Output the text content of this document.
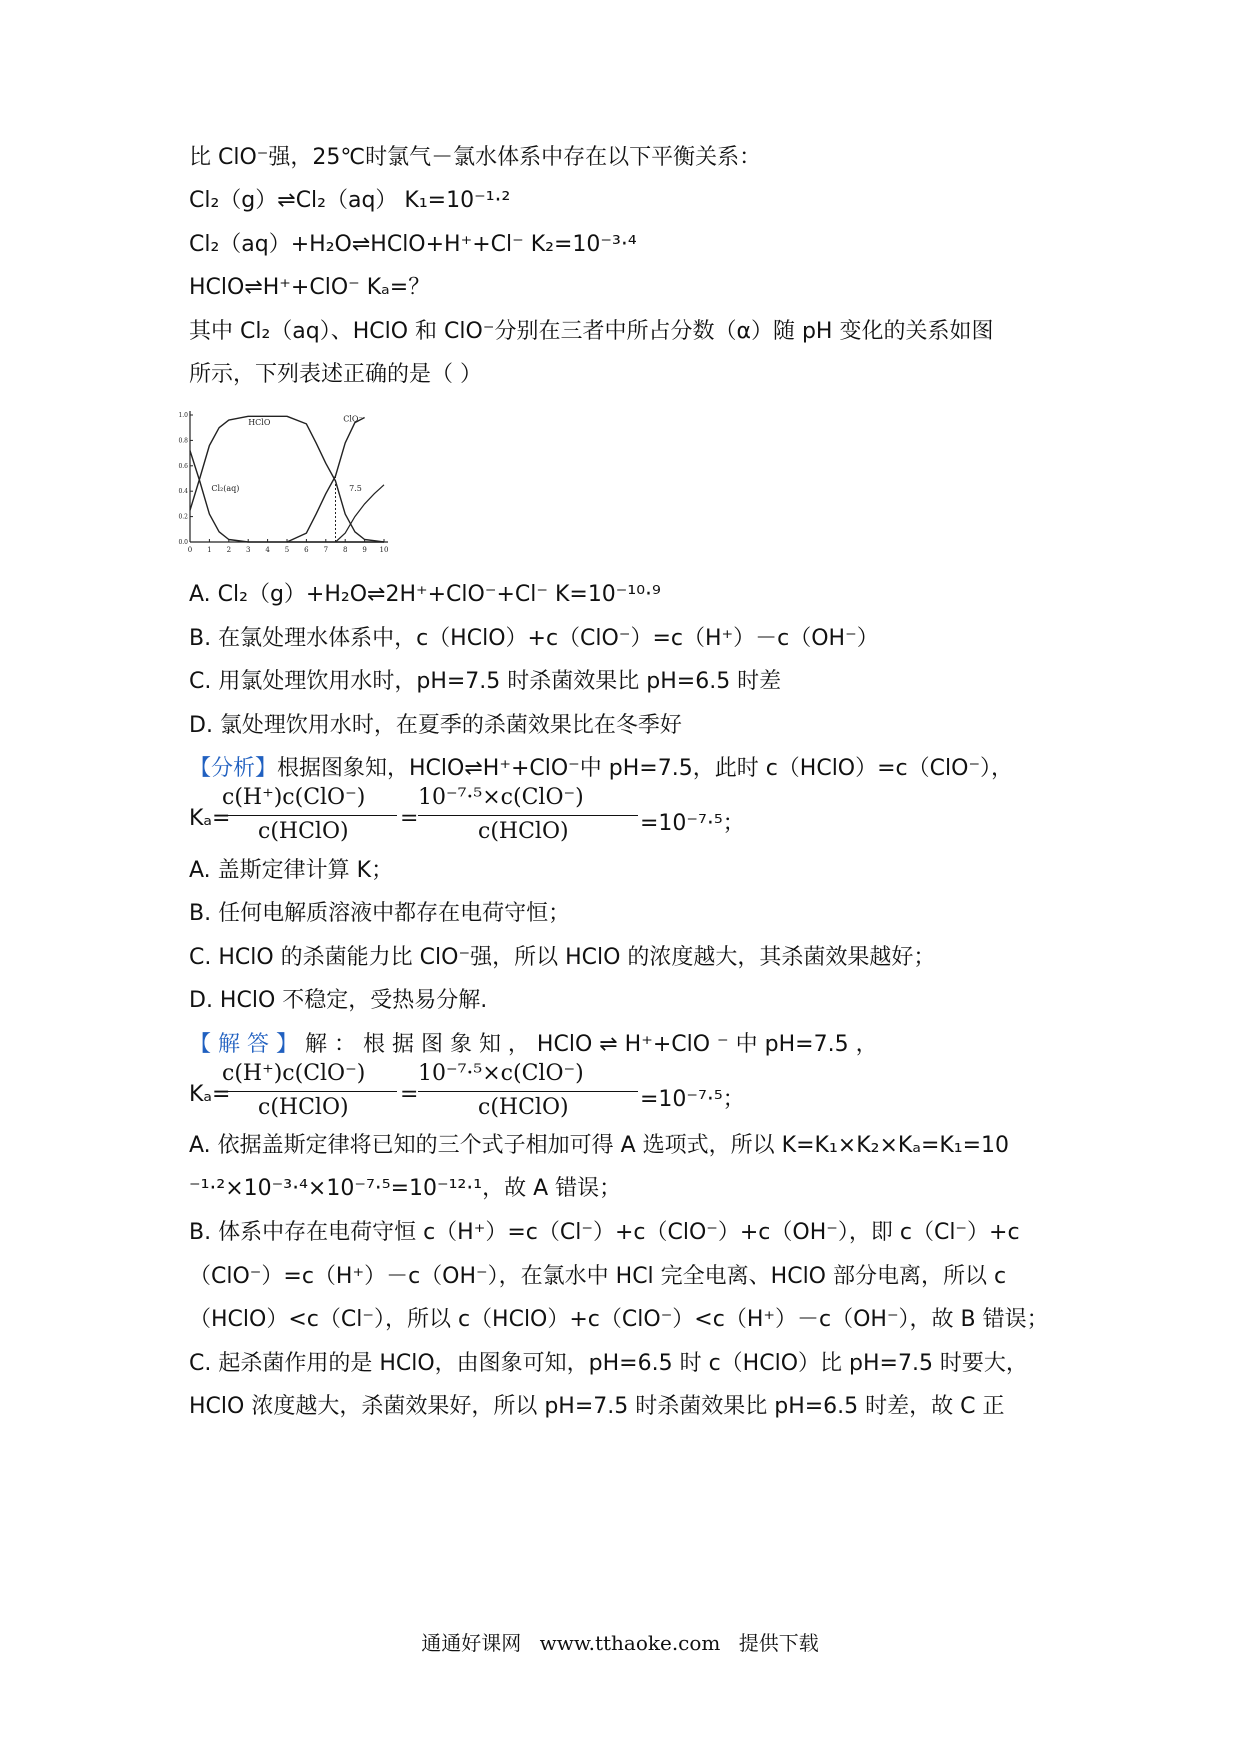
比 ClO⁻强，25℃时氯气－氯水体系中存在以下平衡关系：
Cl₂（g）⇌Cl₂（aq） K₁=10⁻¹·²
Cl₂（aq）+H₂O⇌HClO+H⁺+Cl⁻ K₂=10⁻³·⁴
HClO⇌H⁺+ClO⁻ Kₐ=？
其中 Cl₂（aq）、HClO 和 ClO⁻分别在三者中所占分数（α）随 pH 变化的关系如图
所示，下列表述正确的是（ ）
0 1 2 3 4 5 6 7 8 9 10
0.0
0.2
0.4
0.6
0.8
1.0
HClO	ClO⁻
Cl₂(aq)	7.5
A. Cl₂（g）+H₂O⇌2H⁺+ClO⁻+Cl⁻ K=10⁻¹⁰·⁹
B. 在氯处理水体系中，c（HClO）+c（ClO⁻）=c（H⁺）－c（OH⁻）
C. 用氯处理饮用水时，pH=7.5 时杀菌效果比 pH=6.5 时差
D. 氯处理饮用水时，在夏季的杀菌效果比在冬季好
【分析】根据图象知，HClO⇌H⁺+ClO⁻中 pH=7.5，此时 c（HClO）=c（ClO⁻），
Kₐ=
c(H⁺)c(ClO⁻)
c(HClO)
=
10⁻⁷·⁵×c(ClO⁻)
c(HClO)	=10⁻⁷·⁵；
A. 盖斯定律计算 K；
B. 任何电解质溶液中都存在电荷守恒；
C. HClO 的杀菌能力比 ClO⁻强，所以 HClO 的浓度越大，其杀菌效果越好；
D. HClO 不稳定，受热易分解.
【 解 答 】 解 ： 根 据 图 象 知 ， HClO ⇌ H⁺+ClO ⁻ 中 pH=7.5 ，
Kₐ=
c(H⁺)c(ClO⁻)
c(HClO)
=
10⁻⁷·⁵×c(ClO⁻)
c(HClO)	=10⁻⁷·⁵；
A. 依据盖斯定律将已知的三个式子相加可得 A 选项式，所以 K=K₁×K₂×Kₐ=K₁=10
⁻¹·²×10⁻³·⁴×10⁻⁷·⁵=10⁻¹²·¹，故 A 错误；
B. 体系中存在电荷守恒 c（H⁺）=c（Cl⁻）+c（ClO⁻）+c（OH⁻），即 c（Cl⁻）+c
（ClO⁻）=c（H⁺）－c（OH⁻），在氯水中 HCl 完全电离、HClO 部分电离，所以 c
（HClO）<c（Cl⁻），所以 c（HClO）+c（ClO⁻）<c（H⁺）－c（OH⁻），故 B 错误；
C. 起杀菌作用的是 HClO，由图象可知，pH=6.5 时 c（HClO）比 pH=7.5 时要大，
HClO 浓度越大，杀菌效果好，所以 pH=7.5 时杀菌效果比 pH=6.5 时差，故 C 正
通通好课网 www.tthaoke.com 提供下载
